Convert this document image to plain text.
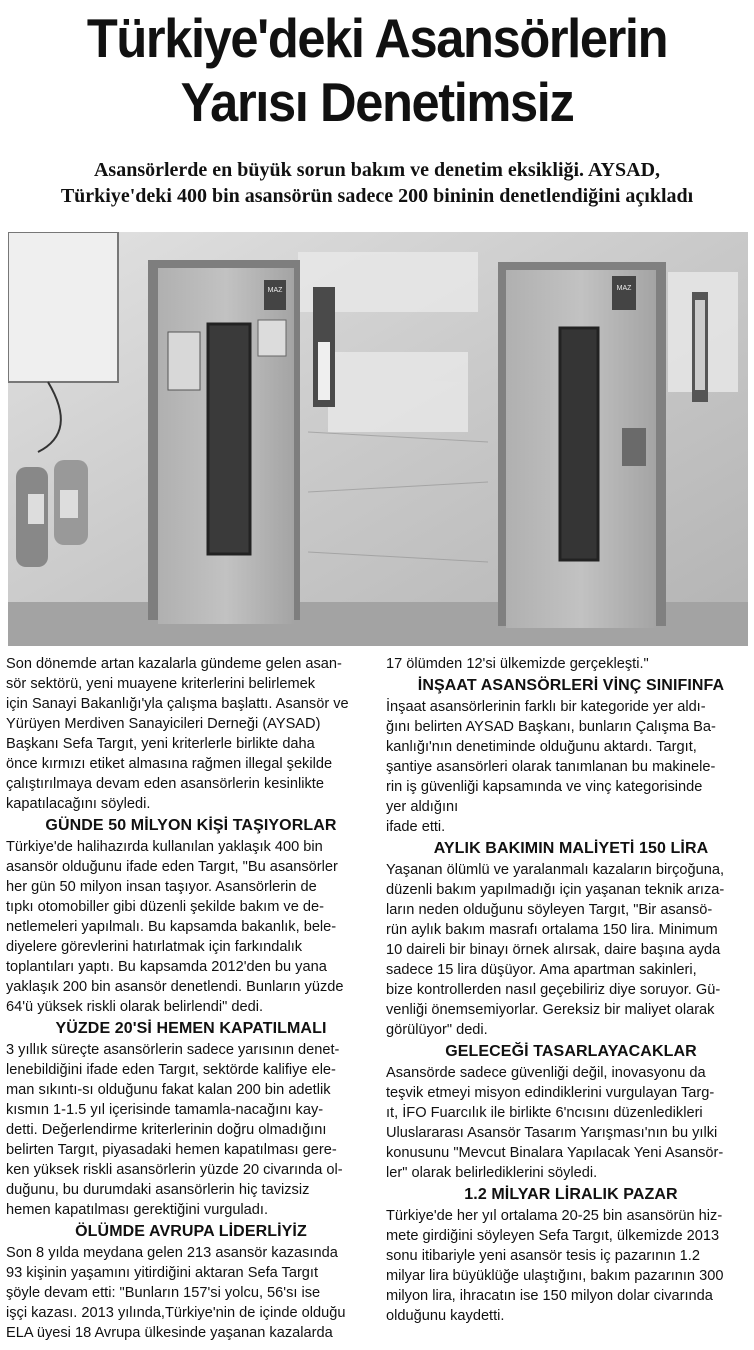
Türkiye'deki Asansörlerin
Yarısı Denetimsiz
Asansörlerde en büyük sorun bakım ve denetim eksikliği. AYSAD,
Türkiye'deki 400 bin asansörün sadece 200 bininin denetlendiğini açıkladı
MAZ	MAZ

Son dönemde artan kazalarla gündeme gelen asan-
sör sektörü, yeni muayene kriterlerini belirlemek
için Sanayi Bakanlığı'yla çalışma başlattı. Asansör ve
Yürüyen Merdiven Sanayicileri Derneği (AYSAD)
Başkanı Sefa Targıt, yeni kriterlerle birlikte daha
önce kırmızı etiket almasına rağmen illegal şekilde
çalıştırılmaya devam eden asansörlerin kesinlikte
kapatılacağını söyledi.

GÜNDE 50 MİLYON KİŞİ TAŞIYORLAR

Türkiye'de halihazırda kullanılan yaklaşık 400 bin
asansör olduğunu ifade eden Targıt, "Bu asansörler
her gün 50 milyon insan taşıyor. Asansörlerin de
tıpkı otomobiller gibi düzenli şekilde bakım ve de-
netlemeleri yapılmalı. Bu kapsamda bakanlık, bele-
diyelere görevlerini hatırlatmak için farkındalık
toplantıları yaptı. Bu kapsamda 2012'den bu yana
yaklaşık 200 bin asansör denetlendi. Bunların yüzde
64'ü yüksek riskli olarak belirlendi" dedi.

YÜZDE 20'Sİ HEMEN KAPATILMALI

3 yıllık süreçte asansörlerin sadece yarısının denet-
lenebildiğini ifade eden Targıt, sektörde kalifiye ele-
man sıkıntı-sı olduğunu fakat kalan 200 bin adetlik
kısmın 1-1.5 yıl içerisinde tamamla-nacağını kay-
detti. Değerlendirme kriterlerinin doğru olmadığını
belirten Targıt, piyasadaki hemen kapatılması gere-
ken yüksek riskli asansörlerin yüzde 20 civarında ol-
duğunu, bu durumdaki asansörlerin hiç tavizsiz
hemen kapatılması gerektiğini vurguladı.

ÖLÜMDE AVRUPA LİDERLİYİZ

Son 8 yılda meydana gelen 213 asansör kazasında
93 kişinin yaşamını yitirdiğini aktaran Sefa Targıt
şöyle devam etti: "Bunların 157'si yolcu, 56'sı ise
işçi kazası. 2013 yılında,Türkiye'nin de içinde olduğu
ELA üyesi 18 Avrupa ülkesinde yaşanan kazalarda

17 ölümden 12'si ülkemizde gerçekleşti."

İNŞAAT ASANSÖRLERİ VİNÇ SINIFINFA

İnşaat asansörlerinin farklı bir kategoride yer aldı-
ğını belirten AYSAD Başkanı, bunların Çalışma Ba-
kanlığı'nın denetiminde olduğunu aktardı. Targıt,
şantiye asansörleri olarak tanımlanan bu makinele-
rin iş güvenliği kapsamında ve vinç kategorisinde
yer aldığını
ifade etti.

AYLIK BAKIMIN MALİYETİ 150 LİRA

Yaşanan ölümlü ve yaralanmalı kazaların birçoğuna,
düzenli bakım yapılmadığı için yaşanan teknik arıza-
ların neden olduğunu söyleyen Targıt, "Bir asansö-
rün aylık bakım masrafı ortalama 150 lira. Minimum
10 daireli bir binayı örnek alırsak, daire başına ayda
sadece 15 lira düşüyor. Ama apartman sakinleri,
bize kontrollerden nasıl geçebiliriz diye soruyor. Gü-
venliği önemsemiyorlar. Gereksiz bir maliyet olarak
görülüyor" dedi.

GELECEĞİ TASARLAYACAKLAR

Asansörde sadece güvenliği değil, inovasyonu da
teşvik etmeyi misyon edindiklerini vurgulayan Targ-
ıt, İFO Fuarcılık ile birlikte 6'ncısını düzenledikleri
Uluslararası Asansör Tasarım Yarışması'nın bu yılki
konusunu "Mevcut Binalara Yapılacak Yeni Asansör-
ler" olarak belirlediklerini söyledi.

1.2 MİLYAR LİRALIK PAZAR

Türkiye'de her yıl ortalama 20-25 bin asansörün hiz-
mete girdiğini söyleyen Sefa Targıt, ülkemizde 2013
sonu itibariyle yeni asansör tesis iç pazarının 1.2
milyar lira büyüklüğe ulaştığını, bakım pazarının 300
milyon lira, ihracatın ise 150 milyon dolar civarında
olduğunu kaydetti.
